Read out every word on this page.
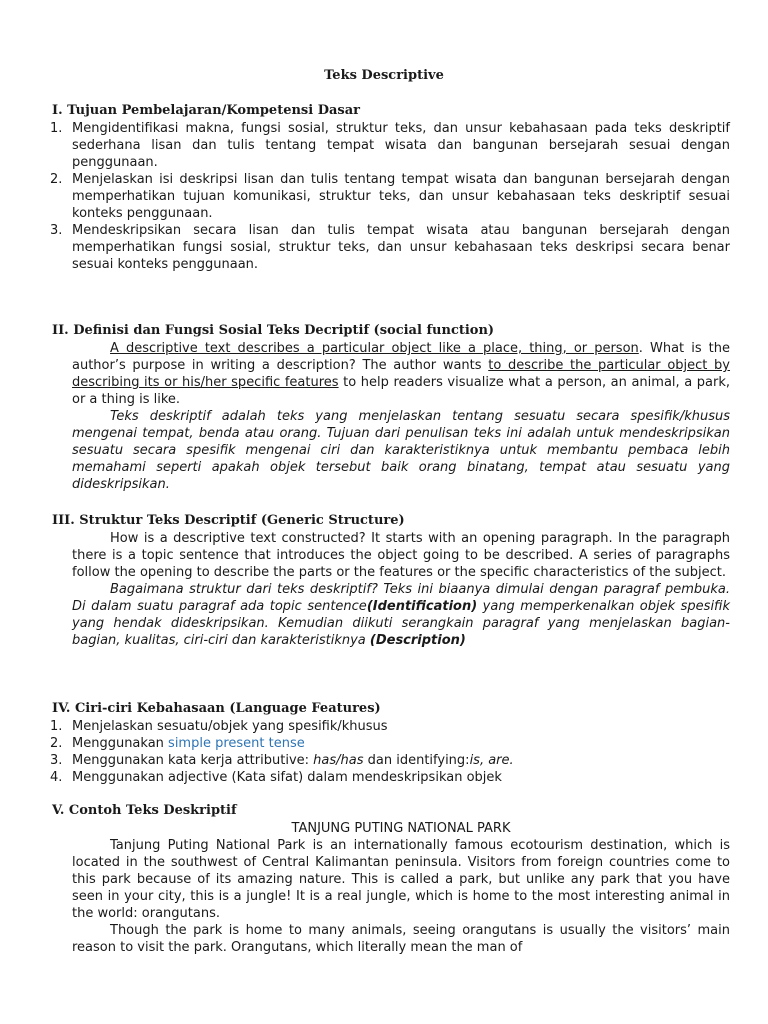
Teks Descriptive
I. Tujuan Pembelajaran/Kompetensi Dasar
1. Mengidentifikasi makna, fungsi sosial, struktur teks, dan unsur kebahasaan pada teks deskriptif sederhana lisan dan tulis tentang tempat wisata dan bangunan bersejarah sesuai dengan penggunaan.
2. Menjelaskan isi deskripsi lisan dan tulis tentang tempat wisata dan bangunan bersejarah dengan memperhatikan tujuan komunikasi, struktur teks, dan unsur kebahasaan teks deskriptif sesuai konteks penggunaan.
3. Mendeskripsikan secara lisan dan tulis tempat wisata atau bangunan bersejarah dengan memperhatikan fungsi sosial, struktur teks, dan unsur kebahasaan teks deskripsi secara benar sesuai konteks penggunaan.
II. Definisi dan Fungsi Sosial Teks Decriptif (social function)

A descriptive text describes a particular object like a place, thing, or person. What is the author’s purpose in writing a description? The author wants to describe the particular object by describing its or his/her specific features to help readers visualize what a person, an animal, a park, or a thing is like.

Teks deskriptif adalah teks yang menjelaskan tentang sesuatu secara spesifik/khusus mengenai tempat, benda atau orang. Tujuan dari penulisan teks ini adalah untuk mendeskripsikan sesuatu secara spesifik mengenai ciri dan karakteristiknya untuk membantu pembaca lebih memahami seperti apakah objek tersebut baik orang binatang, tempat atau sesuatu yang dideskripsikan.

III. Struktur Teks Descriptif (Generic Structure)

How is a descriptive text constructed? It starts with an opening paragraph. In the paragraph there is a topic sentence that introduces the object going to be described. A series of paragraphs follow the opening to describe the parts or the features or the specific characteristics of the subject.

Bagaimana struktur dari teks deskriptif? Teks ini biaanya dimulai dengan paragraf pembuka. Di dalam suatu paragraf ada topic sentence(Identification) yang memperkenalkan objek spesifik yang hendak dideskripsikan. Kemudian diikuti serangkain paragraf yang menjelaskan bagian-bagian, kualitas, ciri-ciri dan karakteristiknya (Description)

IV. Ciri-ciri Kebahasaan (Language Features)
1. Menjelaskan sesuatu/objek yang spesifik/khusus
2. Menggunakan simple present tense
3. Menggunakan kata kerja attributive: has/has dan identifying:is, are.
4. Menggunakan adjective (Kata sifat) dalam mendeskripsikan objek
V. Contoh Teks Deskriptif

TANJUNG PUTING NATIONAL PARK

Tanjung Puting National Park is an internationally famous ecotourism destination, which is located in the southwest of Central Kalimantan peninsula. Visitors from foreign countries come to this park because of its amazing nature. This is called a park, but unlike any park that you have seen in your city, this is a jungle! It is a real jungle, which is home to the most interesting animal in the world: orangutans.

Though the park is home to many animals, seeing orangutans is usually the visitors’ main reason to visit the park. Orangutans, which literally mean the man of
